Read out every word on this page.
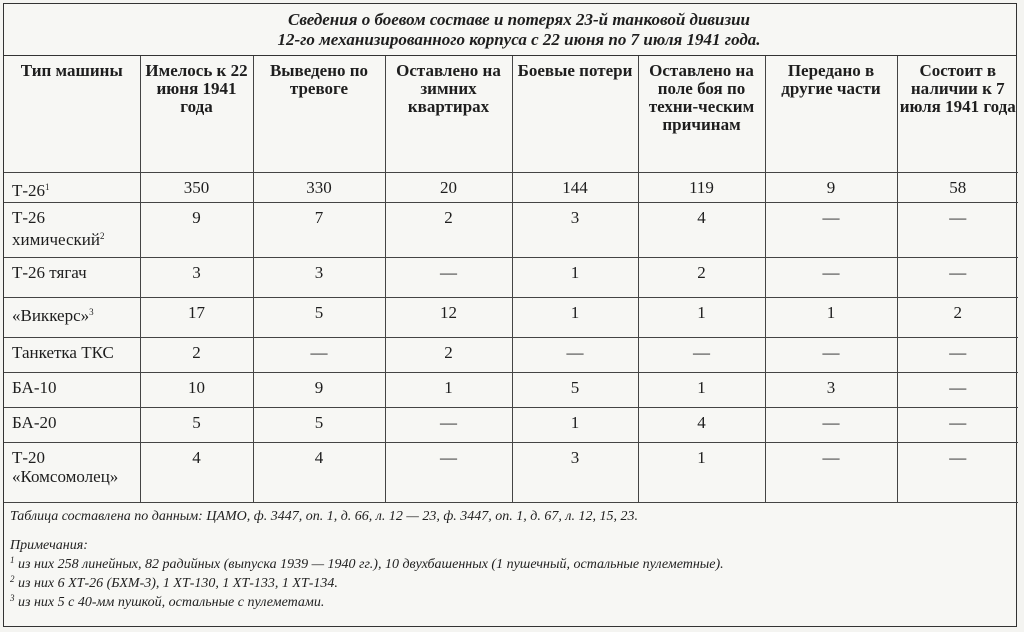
Сведения о боевом составе и потерях 23-й танковой дивизии
12-го механизированного корпуса с 22 июня по 7 июля 1941 года.
Тип машины	Имелось к 22 июня 1941 года	Выведено по тревоге	Оставлено на зимних квартирах	Боевые потери	Оставлено на поле боя по техни-ческим причинам	Передано в другие части	Состоит в наличии к 7 июля 1941 года
$Т-26^1$	350	330	20	144	119	9	58
Т-26 химический$^2$	9	7	2	3	4	—	—
Т-26 тягач	3	3	—	1	2	—	—
«Виккерс»$^3$	17	5	12	1	1	1	2
Танкетка ТКС	2	—	2	—	—	—	—
БА-10	10	9	1	5	1	3	—
БА-20	5	5	—	1	4	—	—
Т-20 «Комсомолец»	4	4	—	3	1	—	—
Таблица составлена по данным: ЦАМО, ф. 3447, оп. 1, д. 66, л. 12 — 23, ф. 3447, оп. 1, д. 67, л. 12, 15, 23.
Примечания:
$^1$ из них 258 линейных, 82 радийных (выпуска 1939 — 1940 гг.), 10 двухбашенных (1 пушечный, остальные пулеметные).
$^2$ из них 6 ХТ-26 (БХМ-3), 1 ХТ-130, 1 ХТ-133, 1 ХТ-134.
$^3$ из них 5 с 40-мм пушкой, остальные с пулеметами.
